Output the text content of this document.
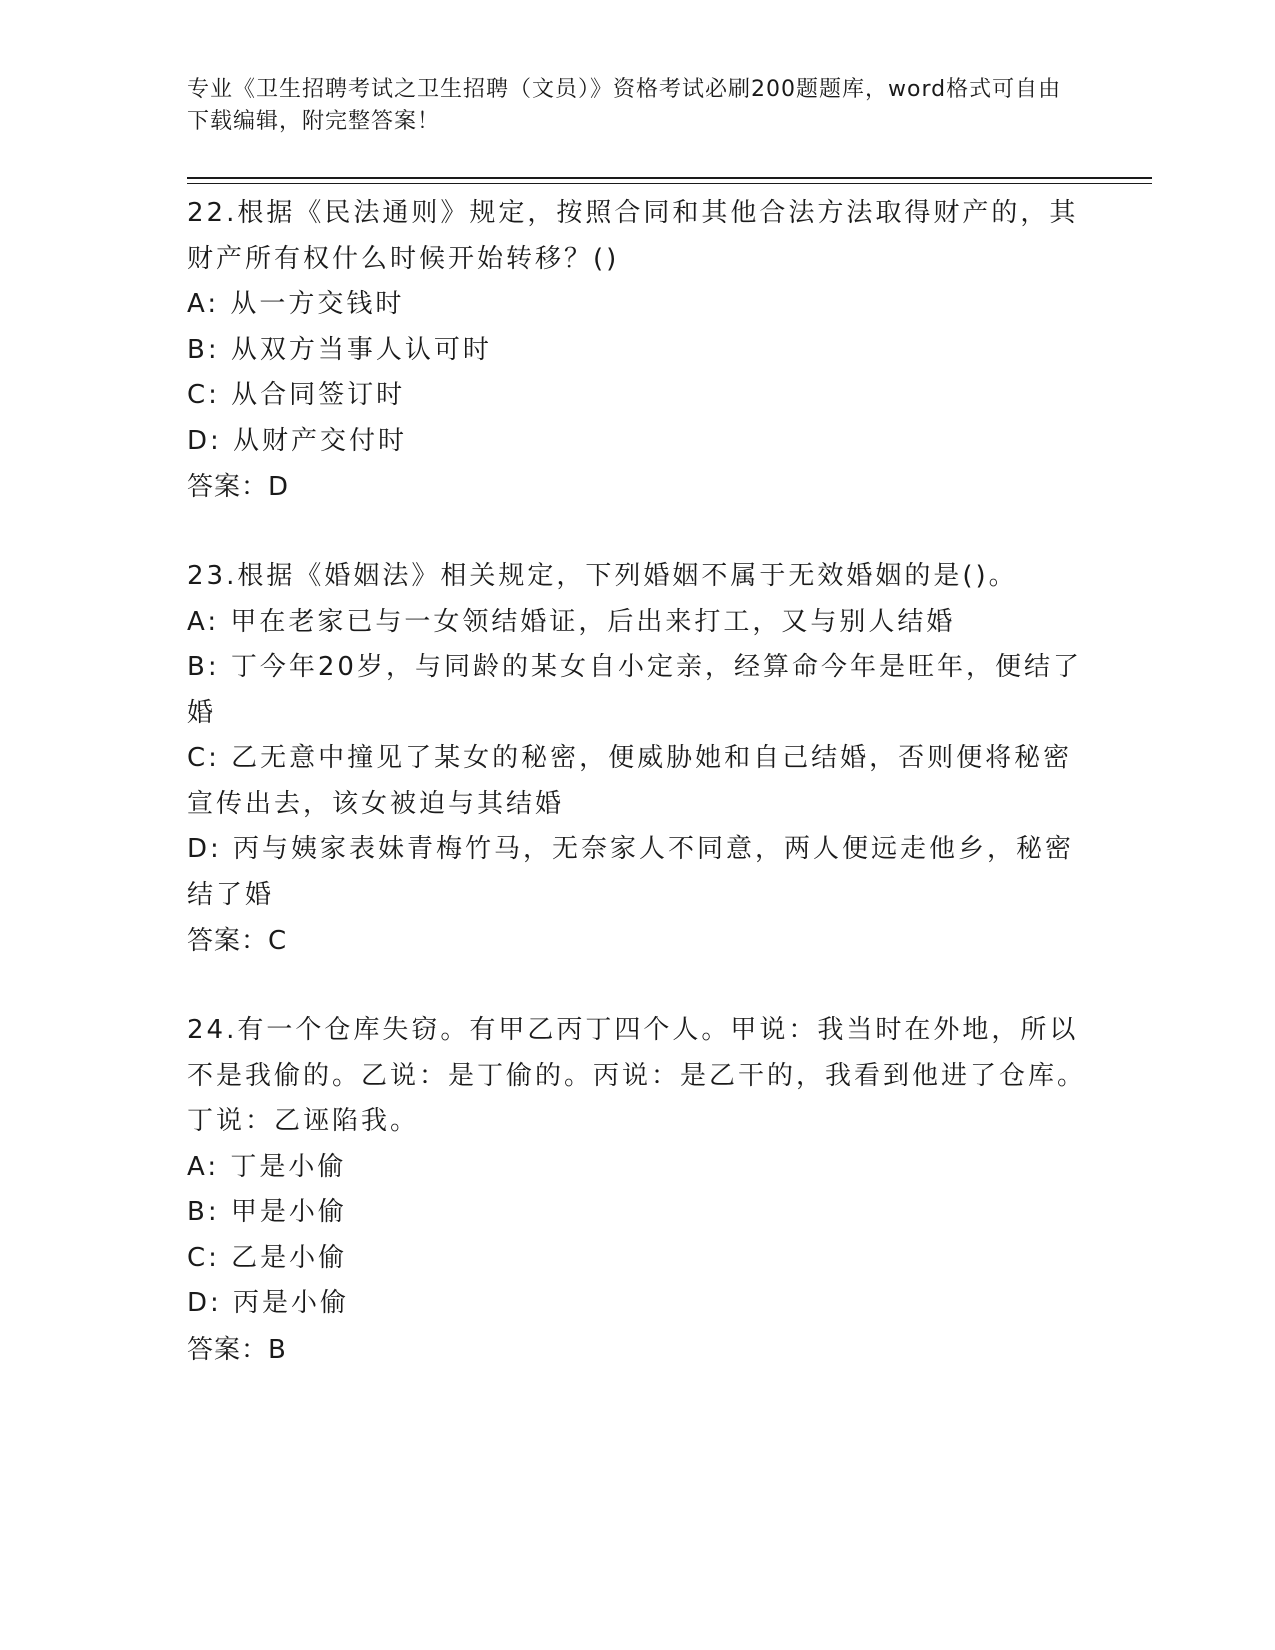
专业《卫生招聘考试之卫生招聘（文员）》资格考试必刷200题题库，word格式可自由下载编辑，附完整答案！

22.根据《民法通则》规定，按照合同和其他合法方法取得财产的，其财产所有权什么时候开始转移？()

A: 从一方交钱时

B: 从双方当事人认可时

C: 从合同签订时

D: 从财产交付时

答案：D

23.根据《婚姻法》相关规定，下列婚姻不属于无效婚姻的是()。

A: 甲在老家已与一女领结婚证，后出来打工，又与别人结婚

B: 丁今年20岁，与同龄的某女自小定亲，经算命今年是旺年，便结了婚

C: 乙无意中撞见了某女的秘密，便威胁她和自己结婚，否则便将秘密宣传出去，该女被迫与其结婚

D: 丙与姨家表妹青梅竹马，无奈家人不同意，两人便远走他乡，秘密结了婚

答案：C

24.有一个仓库失窃。有甲乙丙丁四个人。甲说：我当时在外地，所以不是我偷的。乙说：是丁偷的。丙说：是乙干的，我看到他进了仓库。丁说：乙诬陷我。

A: 丁是小偷

B: 甲是小偷

C: 乙是小偷

D: 丙是小偷

答案：B
